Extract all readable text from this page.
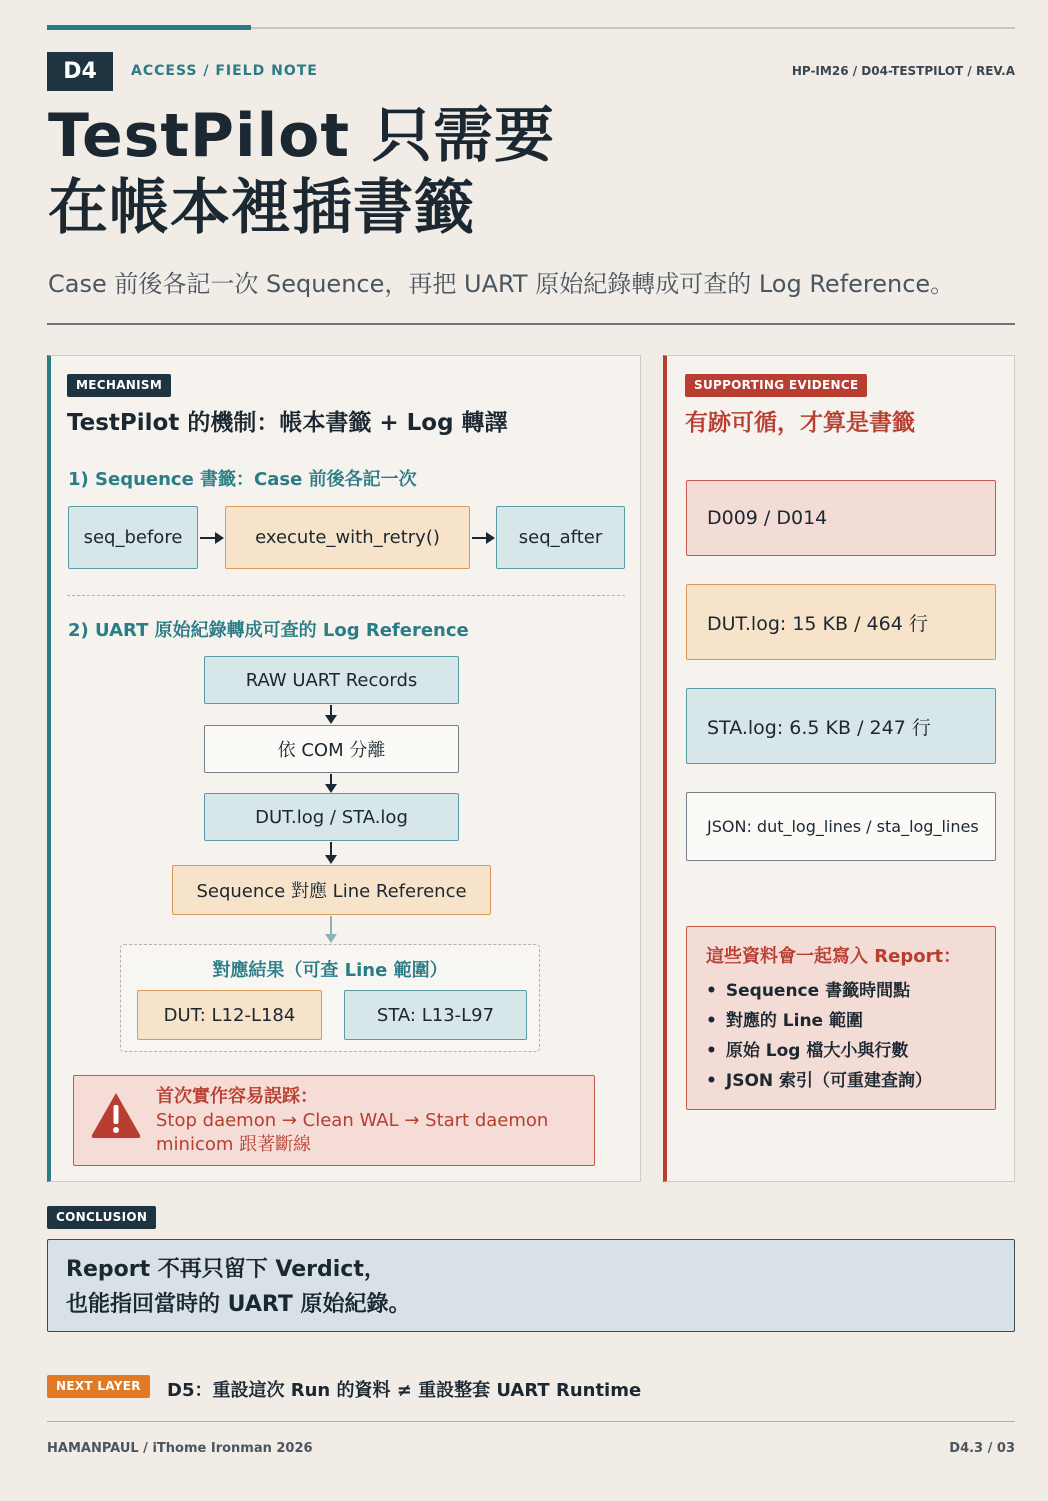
D4	ACCESS / FIELD NOTE	HP-IM26 / D04-TESTPILOT / REV.A
TestPilot 只需要
在帳本裡插書籤
Case 前後各記一次 Sequence，再把 UART 原始紀錄轉成可查的 Log Reference。
MECHANISM
TestPilot 的機制：帳本書籤 + Log 轉譯
1) Sequence 書籤：Case 前後各記一次
seq_before	execute_with_retry()	seq_after
2) UART 原始紀錄轉成可查的 Log Reference
RAW UART Records
依 COM 分離
DUT.log / STA.log
Sequence 對應 Line Reference
對應結果（可查 Line 範圍）
DUT: L12-L184	STA: L13-L97
首次實作容易誤踩：
Stop daemon → Clean WAL → Start daemon
minicom 跟著斷線
SUPPORTING EVIDENCE
有跡可循，才算是書籤
D009 / D014
DUT.log: 15 KB / 464 行
STA.log: 6.5 KB / 247 行
JSON: dut_log_lines / sta_log_lines
這些資料會一起寫入 Report：
• Sequence 書籤時間點
• 對應的 Line 範圍
• 原始 Log 檔大小與行數
• JSON 索引（可重建查詢）
CONCLUSION
Report 不再只留下 Verdict，
也能指回當時的 UART 原始紀錄。
NEXT LAYER	D5：重設這次 Run 的資料 ≠ 重設整套 UART Runtime
HAMANPAUL / iThome Ironman 2026	D4.3 / 03
